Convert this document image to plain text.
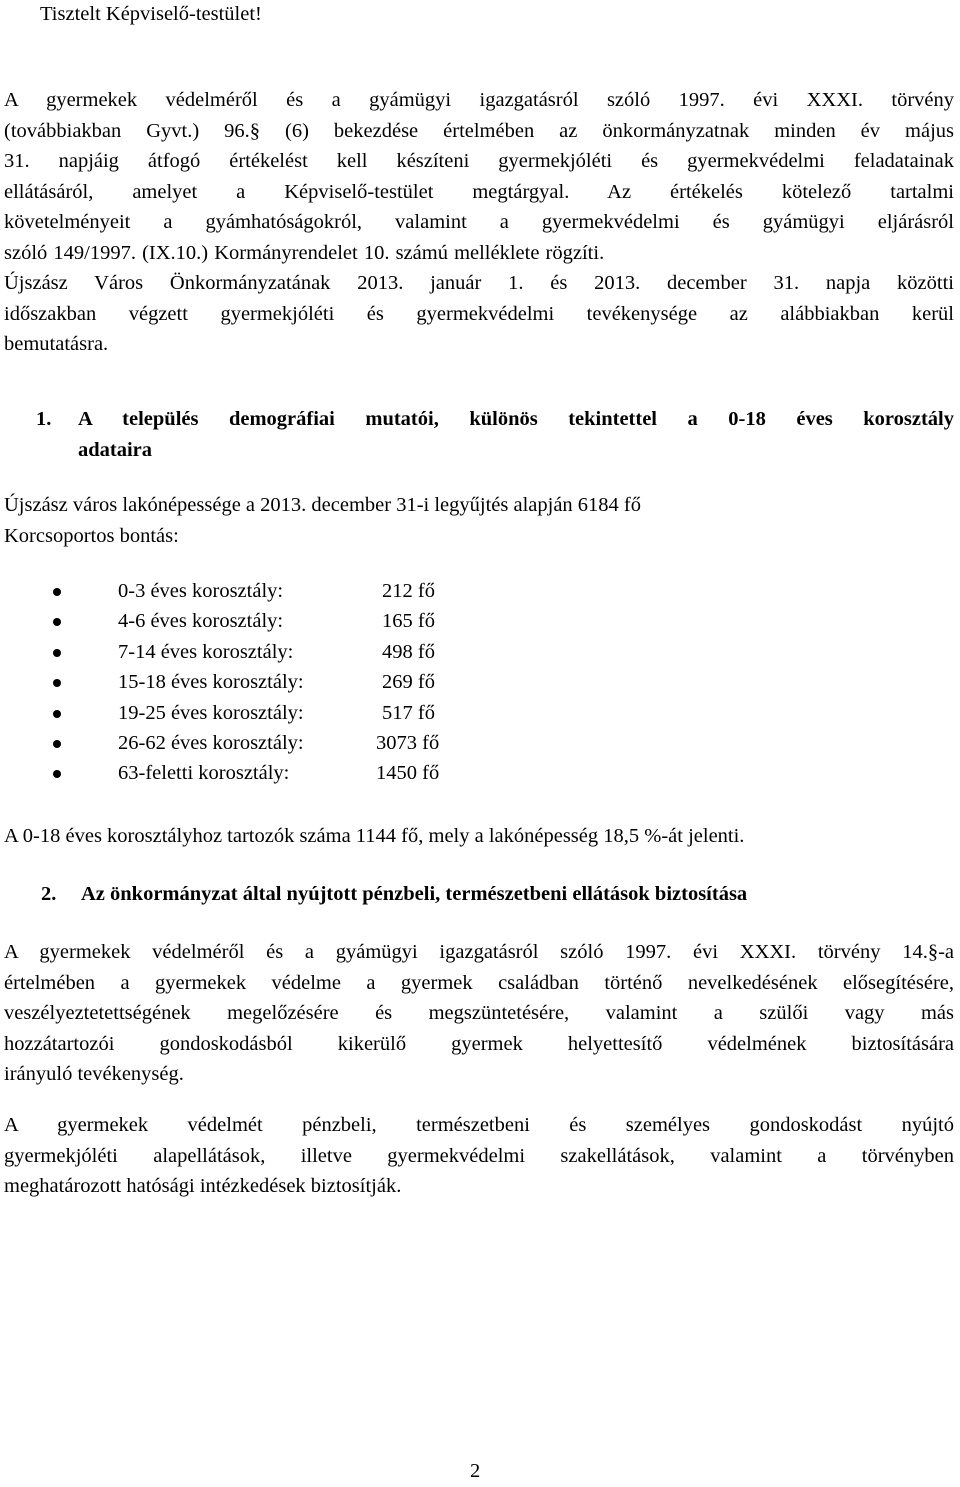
Tisztelt Képviselő-testület!

A gyermekek védelméről és a gyámügyi igazgatásról szóló 1997. évi XXXI. törvény
(továbbiakban Gyvt.) 96.§ (6) bekezdése értelmében az önkormányzatnak minden év május
31. napjáig átfogó értékelést kell készíteni gyermekjóléti és gyermekvédelmi feladatainak
ellátásáról, amelyet a Képviselő-testület megtárgyal. Az értékelés kötelező tartalmi
követelményeit a gyámhatóságokról, valamint a gyermekvédelmi és gyámügyi eljárásról
szóló 149/1997. (IX.10.) Kormányrendelet 10. számú melléklete rögzíti.
Újszász Város Önkormányzatának 2013. január 1. és 2013. december 31. napja közötti
időszakban végzett gyermekjóléti és gyermekvédelmi tevékenysége az alábbiakban kerül
bemutatásra.
1. A település demográfiai mutatói, különös tekintettel a 0-18 éves korosztály
adataira

Újszász város lakónépessége a 2013. december 31-i legyűjtés alapján 6184 fő

Korcsoportos bontás:

0-3 éves korosztály:	212 fő
4-6 éves korosztály:	165 fő
7-14 éves korosztály:	498 fő
15-18 éves korosztály:	269 fő
19-25 éves korosztály:	517 fő
26-62 éves korosztály:	3073 fő
63-feletti korosztály:	1450 fő

A 0-18 éves korosztályhoz tartozók száma 1144 fő, mely a lakónépesség 18,5 %-át jelenti.

2. Az önkormányzat által nyújtott pénzbeli, természetbeni ellátások biztosítása
A gyermekek védelméről és a gyámügyi igazgatásról szóló 1997. évi XXXI. törvény 14.§-a
értelmében a gyermekek védelme a gyermek családban történő nevelkedésének elősegítésére,
veszélyeztetettségének megelőzésére és megszüntetésére, valamint a szülői vagy más
hozzátartozói gondoskodásból kikerülő gyermek helyettesítő védelmének biztosítására
irányuló tevékenység.
A gyermekek védelmét pénzbeli, természetbeni és személyes gondoskodást nyújtó
gyermekjóléti alapellátások, illetve gyermekvédelmi szakellátások, valamint a törvényben
meghatározott hatósági intézkedések biztosítják.

2
